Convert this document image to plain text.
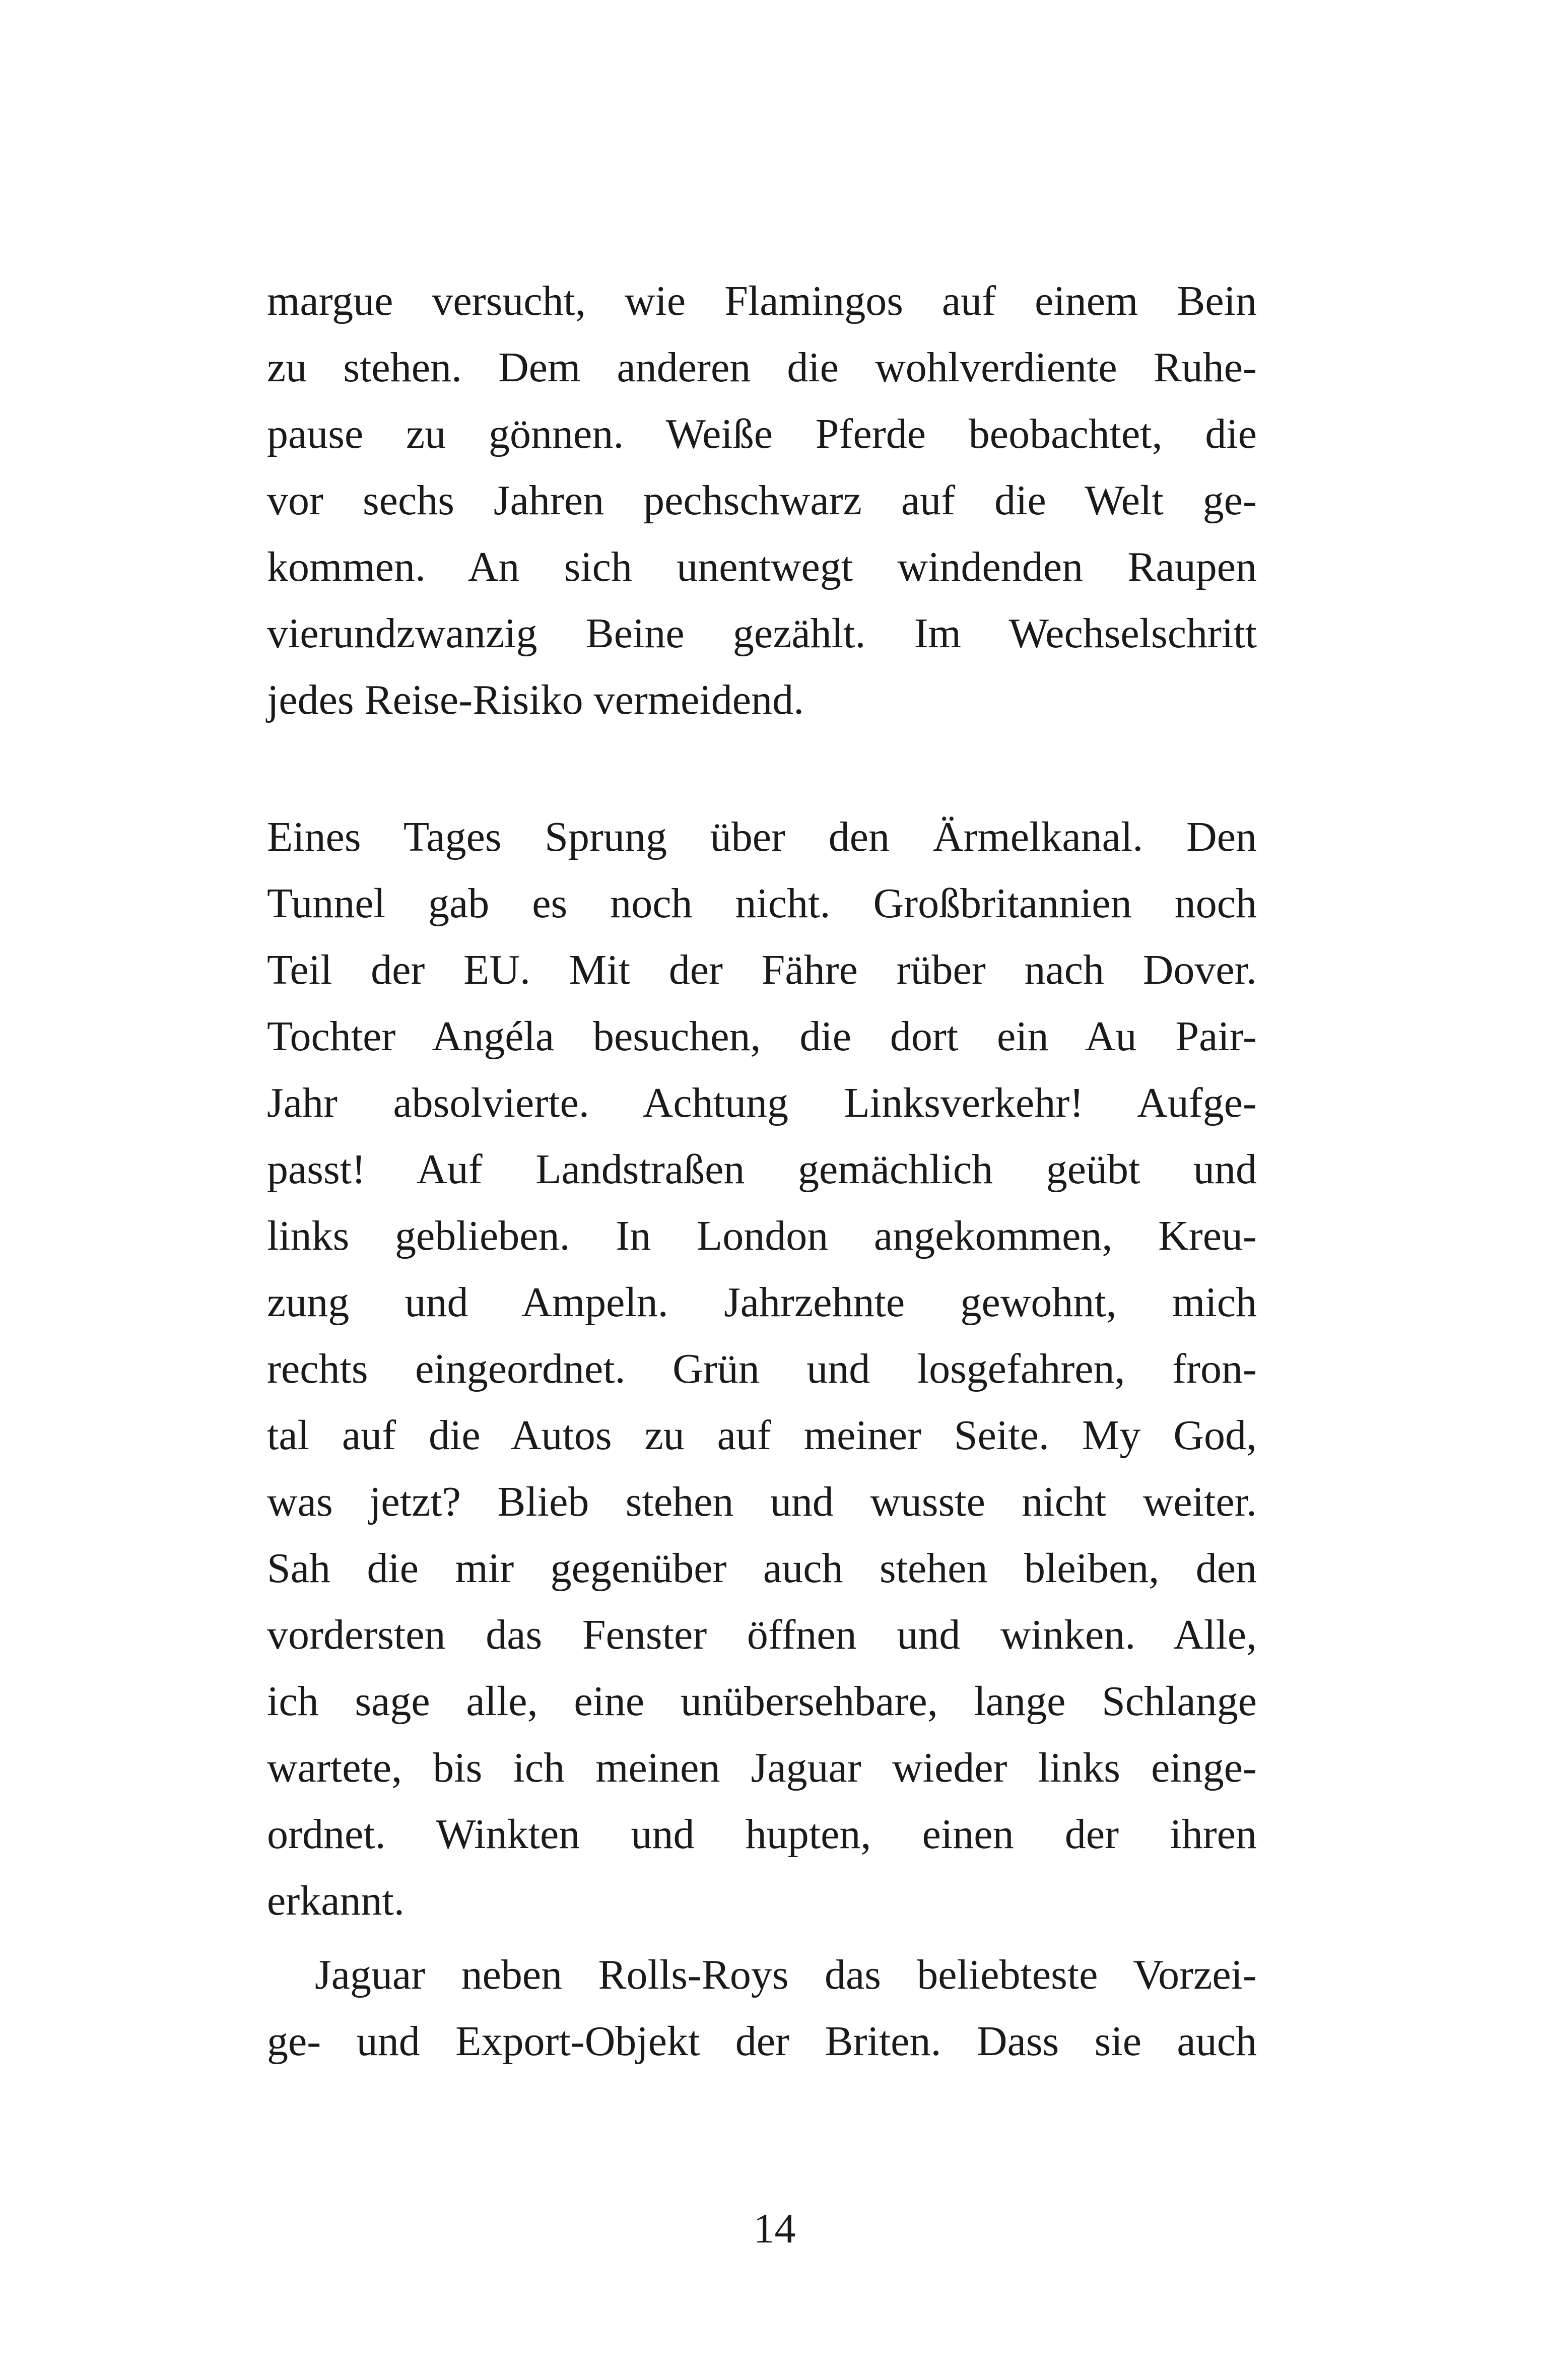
margue versucht, wie Flamingos auf einem Bein
zu stehen. Dem anderen die wohlverdiente Ruhe-
pause zu gönnen. Weiße Pferde beobachtet, die
vor sechs Jahren pechschwarz auf die Welt ge-
kommen. An sich unentwegt windenden Raupen
vierundzwanzig Beine gezählt. Im Wechselschritt
jedes Reise-Risiko vermeidend.
Eines Tages Sprung über den Ärmelkanal. Den
Tunnel gab es noch nicht. Großbritannien noch
Teil der EU. Mit der Fähre rüber nach Dover.
Tochter Angéla besuchen, die dort ein Au Pair-
Jahr absolvierte. Achtung Linksverkehr! Aufge-
passt! Auf Landstraßen gemächlich geübt und
links geblieben. In London angekommen, Kreu-
zung und Ampeln. Jahrzehnte gewohnt, mich
rechts eingeordnet. Grün und losgefahren, fron-
tal auf die Autos zu auf meiner Seite. My God,
was jetzt? Blieb stehen und wusste nicht weiter.
Sah die mir gegenüber auch stehen bleiben, den
vordersten das Fenster öffnen und winken. Alle,
ich sage alle, eine unübersehbare, lange Schlange
wartete, bis ich meinen Jaguar wieder links einge-
ordnet. Winkten und hupten, einen der ihren
erkannt.
Jaguar neben Rolls-Roys das beliebteste Vorzei-
ge- und Export-Objekt der Briten. Dass sie auch
14
